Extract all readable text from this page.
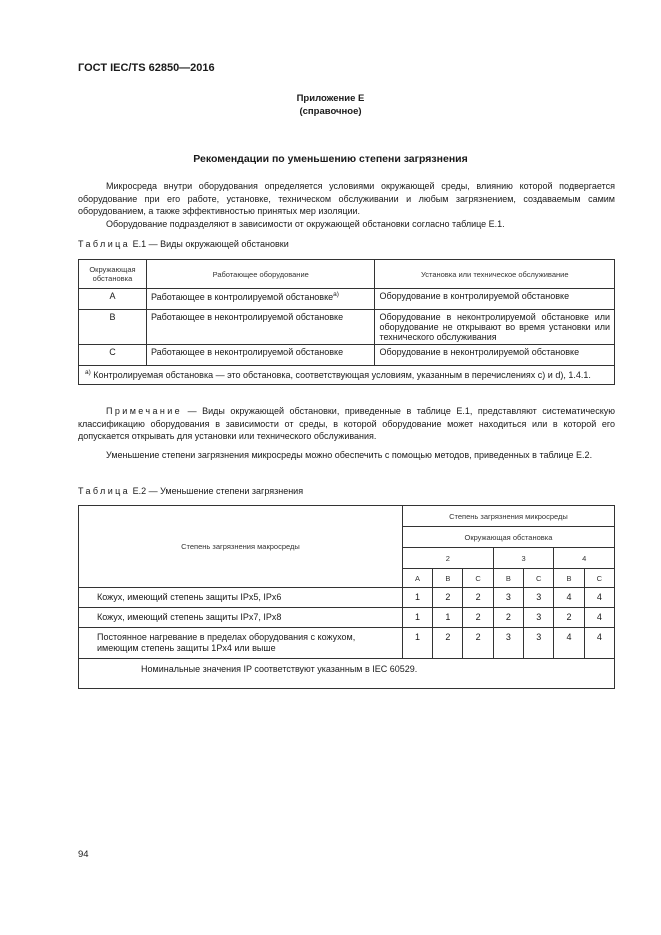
ГОСТ IEC/TS 62850—2016
Приложение Е
(справочное)
Рекомендации по уменьшению степени загрязнения

Микросреда внутри оборудования определяется условиями окружающей среды, влиянию которой подвергается оборудование при его работе, установке, техническом обслуживании и любым загрязнением, создаваемым самим оборудованием, а также эффективностью принятых мер изоляции.

Оборудование подразделяют в зависимости от окружающей обстановки согласно таблице Е.1.

Таблица Е.1 — Виды окружающей обстановки
Окружающая обстановка	Работающее оборудование	Установка или техническое обслуживание
А	Работающее в контролируемой обстановке$^{а)}$	Оборудование в контролируемой обстановке
В	Работающее в неконтролируемой обстановке	Оборудование в неконтролируемой обстановке или оборудование не открывают во время установки или технического обслуживания
С	Работающее в неконтролируемой обстановке	Оборудование в неконтролируемой обстановке
$^{а)}$ Контролируемая обстановка — это обстановка, соответствующая условиям, указанным в перечислениях с) и d), 1.4.1.		

Примечание — Виды окружающей обстановки, приведенные в таблице Е.1, представляют систематическую классификацию оборудования в зависимости от среды, в которой оборудование может находиться или в которой его допускается открывать для установки или технического обслуживания.

Уменьшение степени загрязнения микросреды можно обеспечить с помощью методов, приведенных в таблице Е.2.

Таблица Е.2 — Уменьшение степени загрязнения
Степень загрязнения макросреды	Степень загрязнения микросреды						
	Окружающая обстановка						
	2			3		4	
	А	В	С	В	С	В	С
Кожух, имеющий степень защиты IPx5, IPx6	1	2	2	3	3	4	4
Кожух, имеющий степень защиты IPx7, IPx8	1	1	2	2	3	2	4
Постоянное нагревание в пределах оборудования с кожухом, имеющим степень защиты 1Px4 или выше	1	2	2	3	3	4	4
Номинальные значения IP соответствуют указанным в IEC 60529.							
94
